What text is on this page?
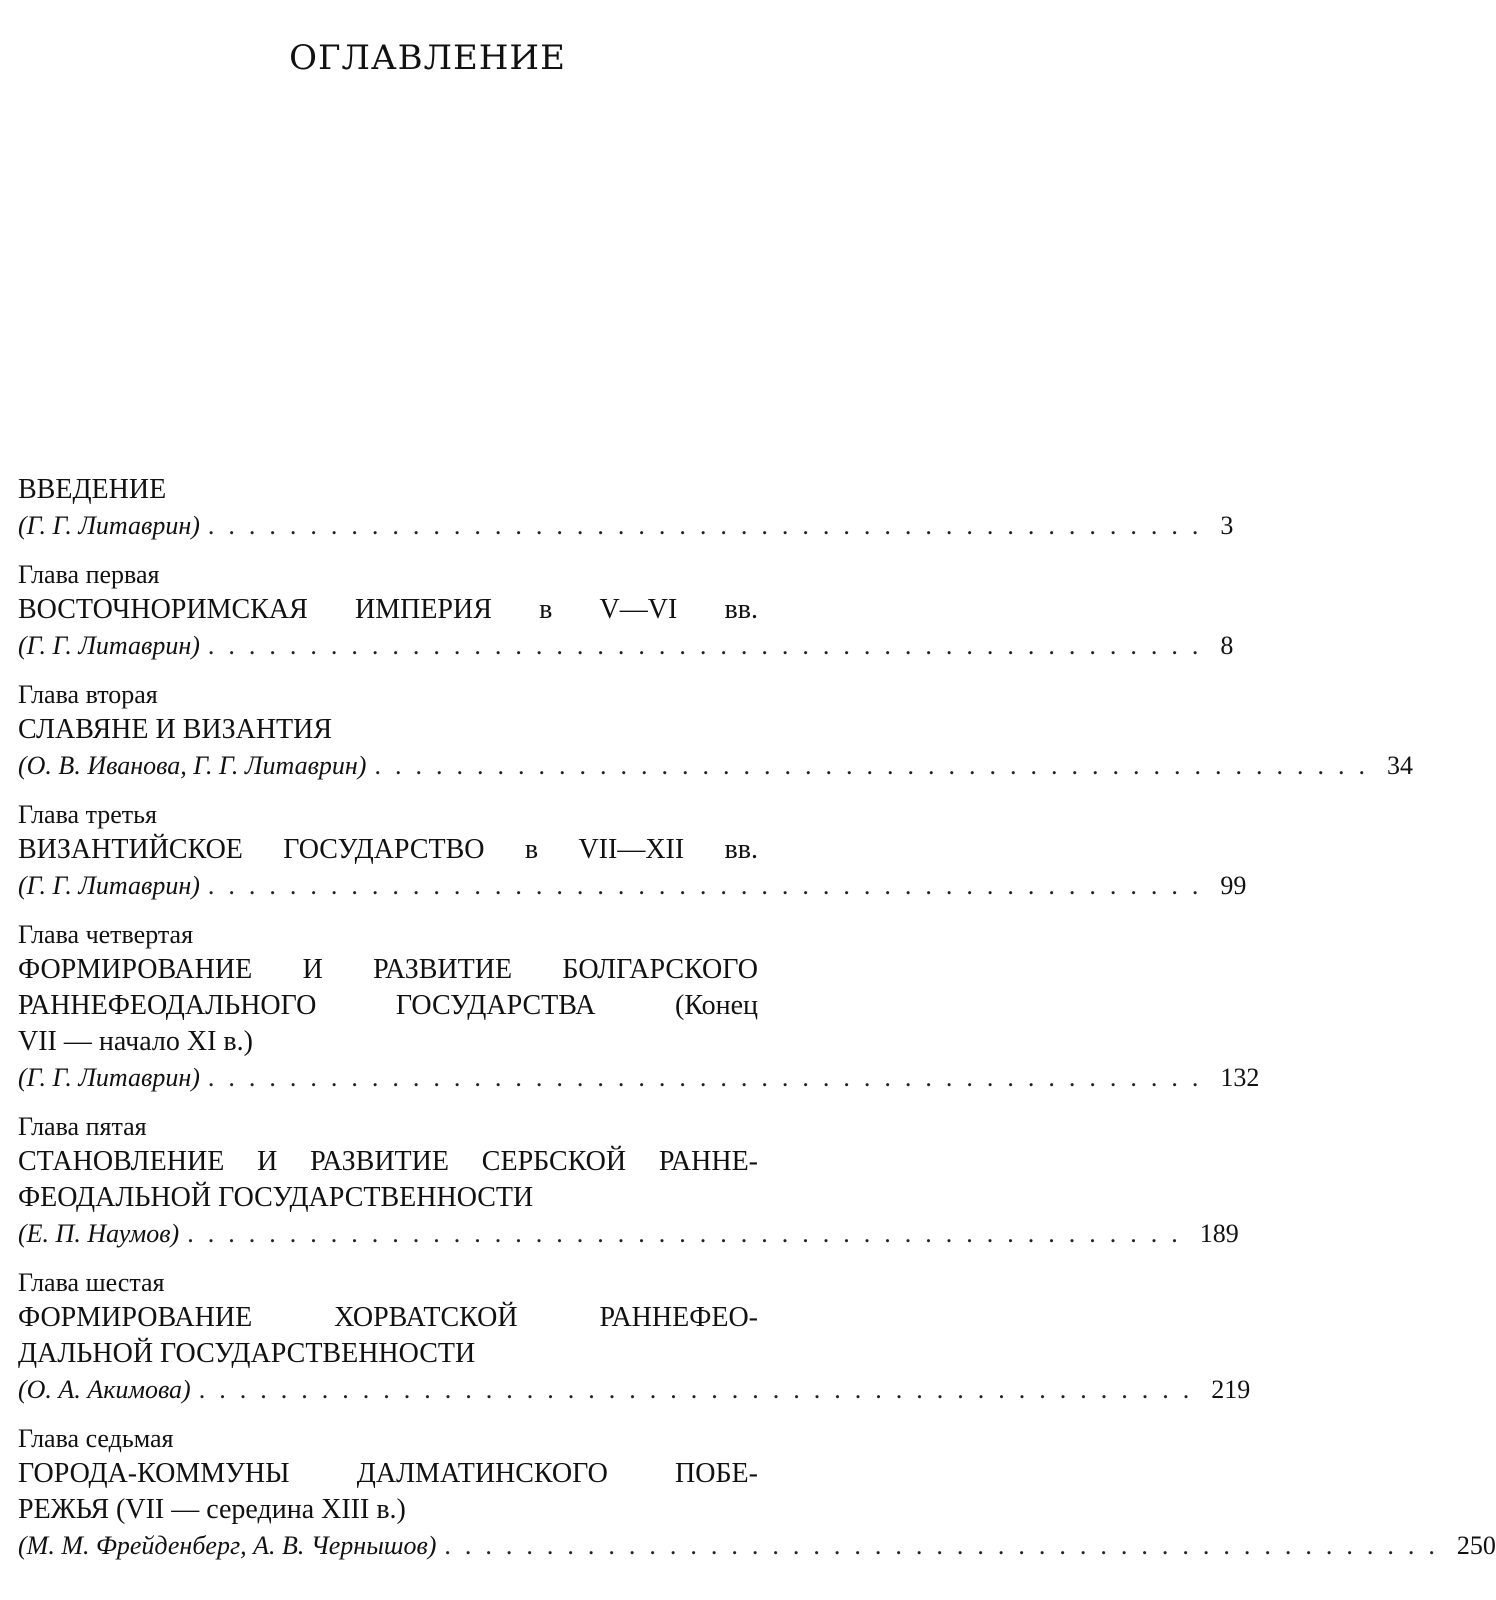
ОГЛАВЛЕНИЕ
ВВЕДЕНИЕ
(Г. Г. Литаврин) ................................................. 3
Глава первая
ВОСТОЧНОРИМСКАЯ ИМПЕРИЯ в V—VI вв.
(Г. Г. Литаврин) ................................................. 8
Глава вторая
СЛАВЯНЕ И ВИЗАНТИЯ
(О. В. Иванова, Г. Г. Литаврин) ................................................. 34
Глава третья
ВИЗАНТИЙСКОЕ ГОСУДАРСТВО в VII—XII вв.
(Г. Г. Литаврин) ................................................. 99
Глава четвертая
ФОРМИРОВАНИЕ И РАЗВИТИЕ БОЛГАРСКОГО
РАННЕФЕОДАЛЬНОГО ГОСУДАРСТВА (Конец
VII — начало XI в.)
(Г. Г. Литаврин) ................................................. 132
Глава пятая
СТАНОВЛЕНИЕ И РАЗВИТИЕ СЕРБСКОЙ РАННЕ-
ФЕОДАЛЬНОЙ ГОСУДАРСТВЕННОСТИ
(Е. П. Наумов) ................................................. 189
Глава шестая
ФОРМИРОВАНИЕ ХОРВАТСКОЙ РАННЕФЕО-
ДАЛЬНОЙ ГОСУДАРСТВЕННОСТИ
(О. А. Акимова) ................................................. 219
Глава седьмая
ГОРОДА-КОММУНЫ ДАЛМАТИНСКОГО ПОБЕ-
РЕЖЬЯ (VII — середина XIII в.)
(М. М. Фрейденберг, А. В. Чернышов) ................................................. 250
